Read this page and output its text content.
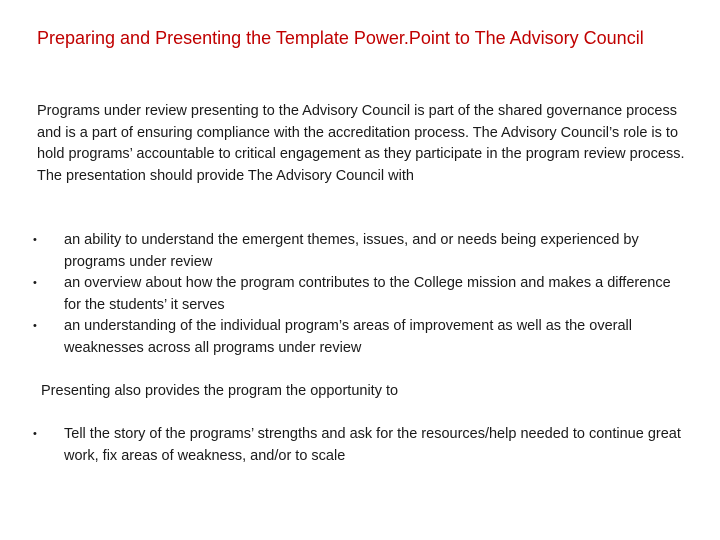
Preparing and Presenting the Template Power.Point to The Advisory Council

Programs under review presenting to the Advisory Council is part of the shared governance process and is a part of ensuring compliance with the accreditation process. The Advisory Council’s role is to hold programs’ accountable to critical engagement as they participate in the program review process. The presentation should provide The Advisory Council with

• an ability to understand the emergent themes, issues, and or needs being experienced by programs under review
• an overview about how the program contributes to the College mission and makes a difference for the students’ it serves
• an understanding of the individual program’s areas of improvement as well as the overall weaknesses across all programs under review

Presenting also provides the program the opportunity to

• Tell the story of the programs’ strengths and ask for the resources/help needed to continue great work, fix areas of weakness, and/or to scale
